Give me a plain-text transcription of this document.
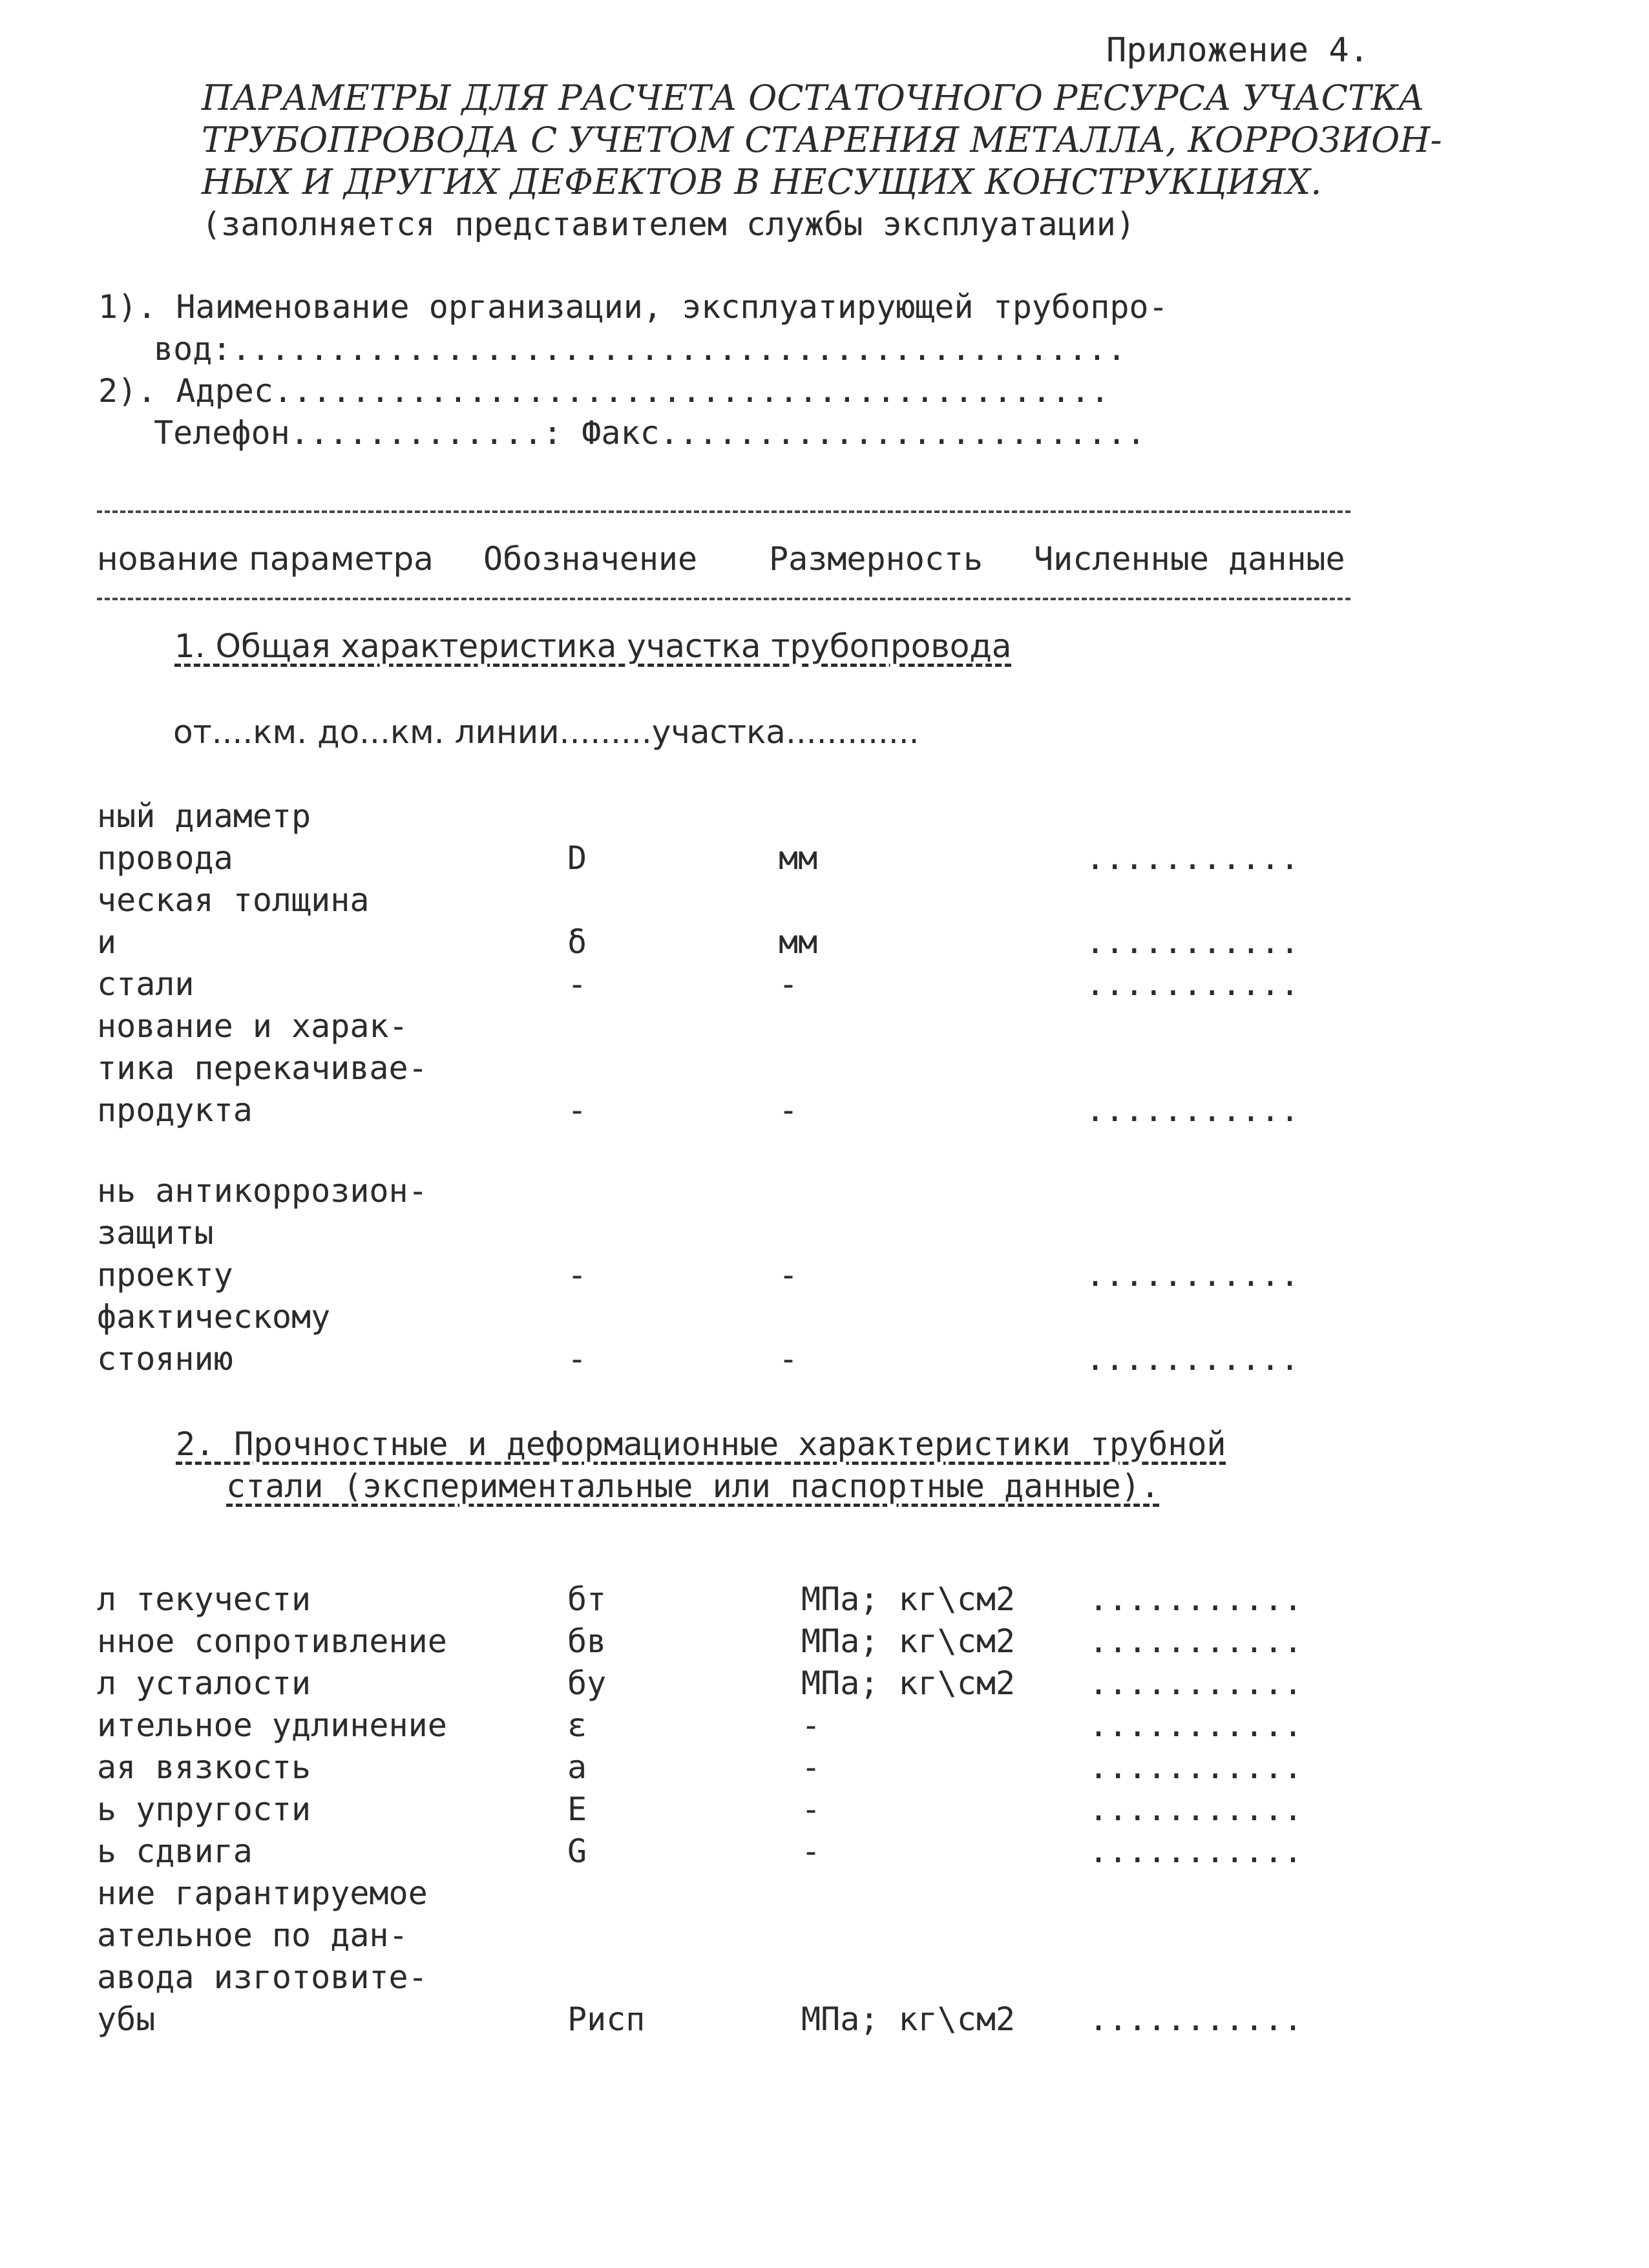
Приложение 4.
ПАРАМЕТРЫ ДЛЯ РАСЧЕТА ОСТАТОЧНОГО РЕСУРСА УЧАСТКА
ТРУБОПРОВОДА С УЧЕТОМ СТАРЕНИЯ МЕТАЛЛА, КОРРОЗИОН-
НЫХ И ДРУГИХ ДЕФЕКТОВ В НЕСУЩИХ КОНСТРУКЦИЯХ.
(заполняется представителем службы эксплуатации)
1). Наименование организации, эксплуатирующей трубопро-
вод:..............................................
2). Адрес...........................................
Телефон.............: Факс.........................
нование параметра Обозначение Размерность Численные данные
1. Общая характеристика участка трубопровода
от....км. до...км. линии.........участка.............
ный диаметр
провода	D	мм	...........
ческая толщина
и	δ	мм	...........
стали	-	-	...........
нование и харак-
тика перекачивае-
продукта	-	-	...........
нь антикоррозион-
защиты
проекту	-	-	...........
фактическому
стоянию	-	-	...........
2. Прочностные и деформационные характеристики трубной
стали (экспериментальные или паспортные данные).
л текучести	бт	МПа; кг\см2 ...........
нное сопротивление	бв	МПа; кг\см2 ...........
л усталости	бу	МПа; кг\см2 ...........
ительное удлинение	ε	-	...........
ая вязкость	a	-	...........
ь упругости	E	-	...........
ь сдвига	G	-	...........
ние гарантируемое
ательное по дан-
авода изготовите-
убы	Рисп	МПа; кг\см2 ...........
